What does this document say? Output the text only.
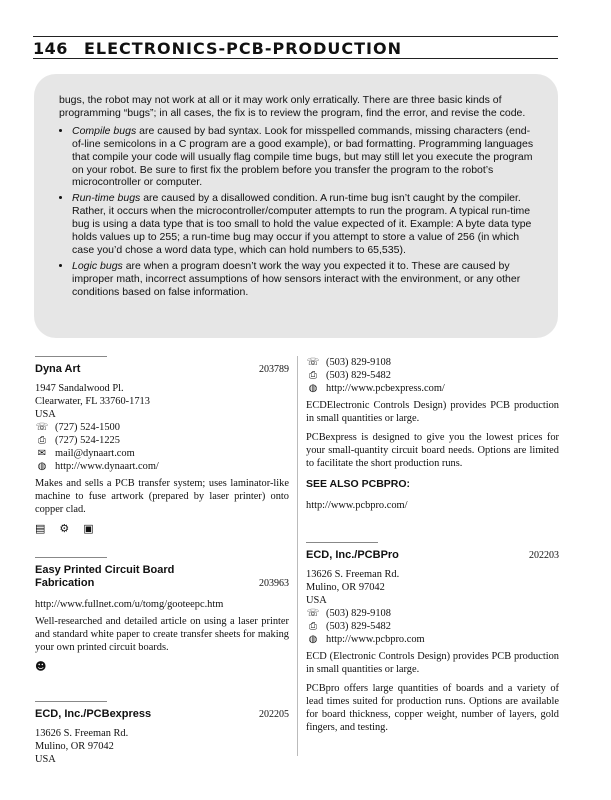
146 ELECTRONICS-PCB-PRODUCTION

bugs, the robot may not work at all or it may work only erratically. There are three basic kinds of programming “bugs”; in all cases, the fix is to review the program, find the error, and revise the code.

• Compile bugs are caused by bad syntax. Look for misspelled commands, missing characters (end-of-line semicolons in a C program are a good example), or bad formatting. Programming languages that compile your code will usually flag compile time bugs, but may still let you execute the program on your robot. Be sure to first fix the problem before you transfer the program to the robot’s microcontroller or computer.
• Run-time bugs are caused by a disallowed condition. A run-time bug isn’t caught by the compiler. Rather, it occurs when the microcontroller/computer attempts to run the program. A typical run-time bug is using a data type that is too small to hold the value expected of it. Example: A byte data type holds values up to 255; a run-time bug may occur if you attempt to store a value of 256 (in which case you’d chose a word data type, which can hold numbers to 65,535).
• Logic bugs are when a program doesn’t work the way you expected it to. These are caused by improper math, incorrect assumptions of how sensors interact with the environment, or any other conditions based on false information.
Dyna Art	203789
1947 Sandalwood Pl.
Clearwater, FL 33760-1713
USA
☏ (727) 524-1500
⎙ (727) 524-1225
✉ mail@dynaart.com
◍ http://www.dynaart.com/
Makes and sells a PCB transfer system; uses laminator-like machine to fuse artwork (prepared by laser printer) onto copper clad.
▤ ⚙ ▣
Easy Printed Circuit Board
Fabrication	203963
http://www.fullnet.com/u/tomg/gooteepc.htm
Well-researched and detailed article on using a laser printer and standard white paper to create transfer sheets for making your own printed circuit boards.
☻
ECD, Inc./PCBexpress	202205
13626 S. Freeman Rd.
Mulino, OR 97042
USA
☏ (503) 829-9108
⎙ (503) 829-5482
◍ http://www.pcbexpress.com/
ECDElectronic Controls Design) provides PCB production in small quantities or large.
PCBexpress is designed to give you the lowest prices for your small-quantity circuit board needs. Options are limited to facilitate the short production runs.
SEE ALSO PCBPRO:
http://www.pcbpro.com/
ECD, Inc./PCBPro	202203
13626 S. Freeman Rd.
Mulino, OR 97042
USA
☏ (503) 829-9108
⎙ (503) 829-5482
◍ http://www.pcbpro.com
ECD (Electronic Controls Design) provides PCB production in small quantities or large.
PCBpro offers large quantities of boards and a variety of lead times suited for production runs. Options are available for board thickness, copper weight, number of layers, gold fingers, and testing.
